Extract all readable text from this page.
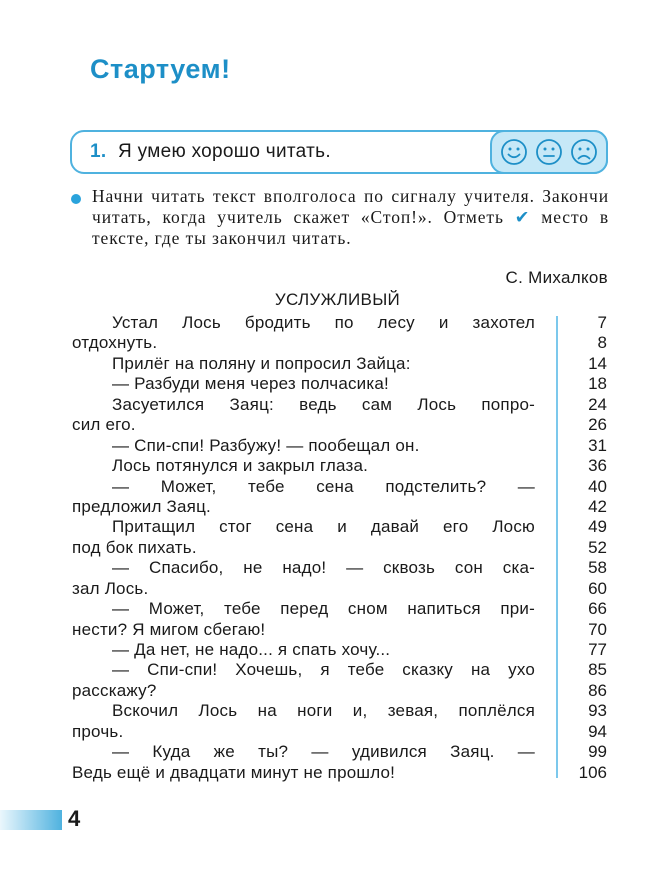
Стартуем!
1. Я умею хорошо читать.
Начни читать текст вполголоса по сигналу учителя. Закончи читать, когда учитель скажет «Стоп!». Отметь ✔ место в тексте, где ты закончил читать.
С. Михалков
УСЛУЖЛИВЫЙ
Устал Лось бродить по лесу и захотел	7
отдохнуть.	8
Прилёг на поляну и попросил Зайца:	14
— Разбуди меня через полчасика!	18
Засуетился Заяц: ведь сам Лось попро-	24
сил его.	26
— Спи-спи! Разбужу! — пообещал он.	31
Лось потянулся и закрыл глаза.	36
— Может, тебе сена подстелить? —	40
предложил Заяц.	42
Притащил стог сена и давай его Лосю	49
под бок пихать.	52
— Спасибо, не надо! — сквозь сон ска-	58
зал Лось.	60
— Может, тебе перед сном напиться при-	66
нести? Я мигом сбегаю!	70
— Да нет, не надо... я спать хочу...	77
— Спи-спи! Хочешь, я тебе сказку на ухо	85
расскажу?	86
Вскочил Лось на ноги и, зевая, поплёлся	93
прочь.	94
— Куда же ты? — удивился Заяц. —	99
Ведь ещё и двадцати минут не прошло!	106
4
